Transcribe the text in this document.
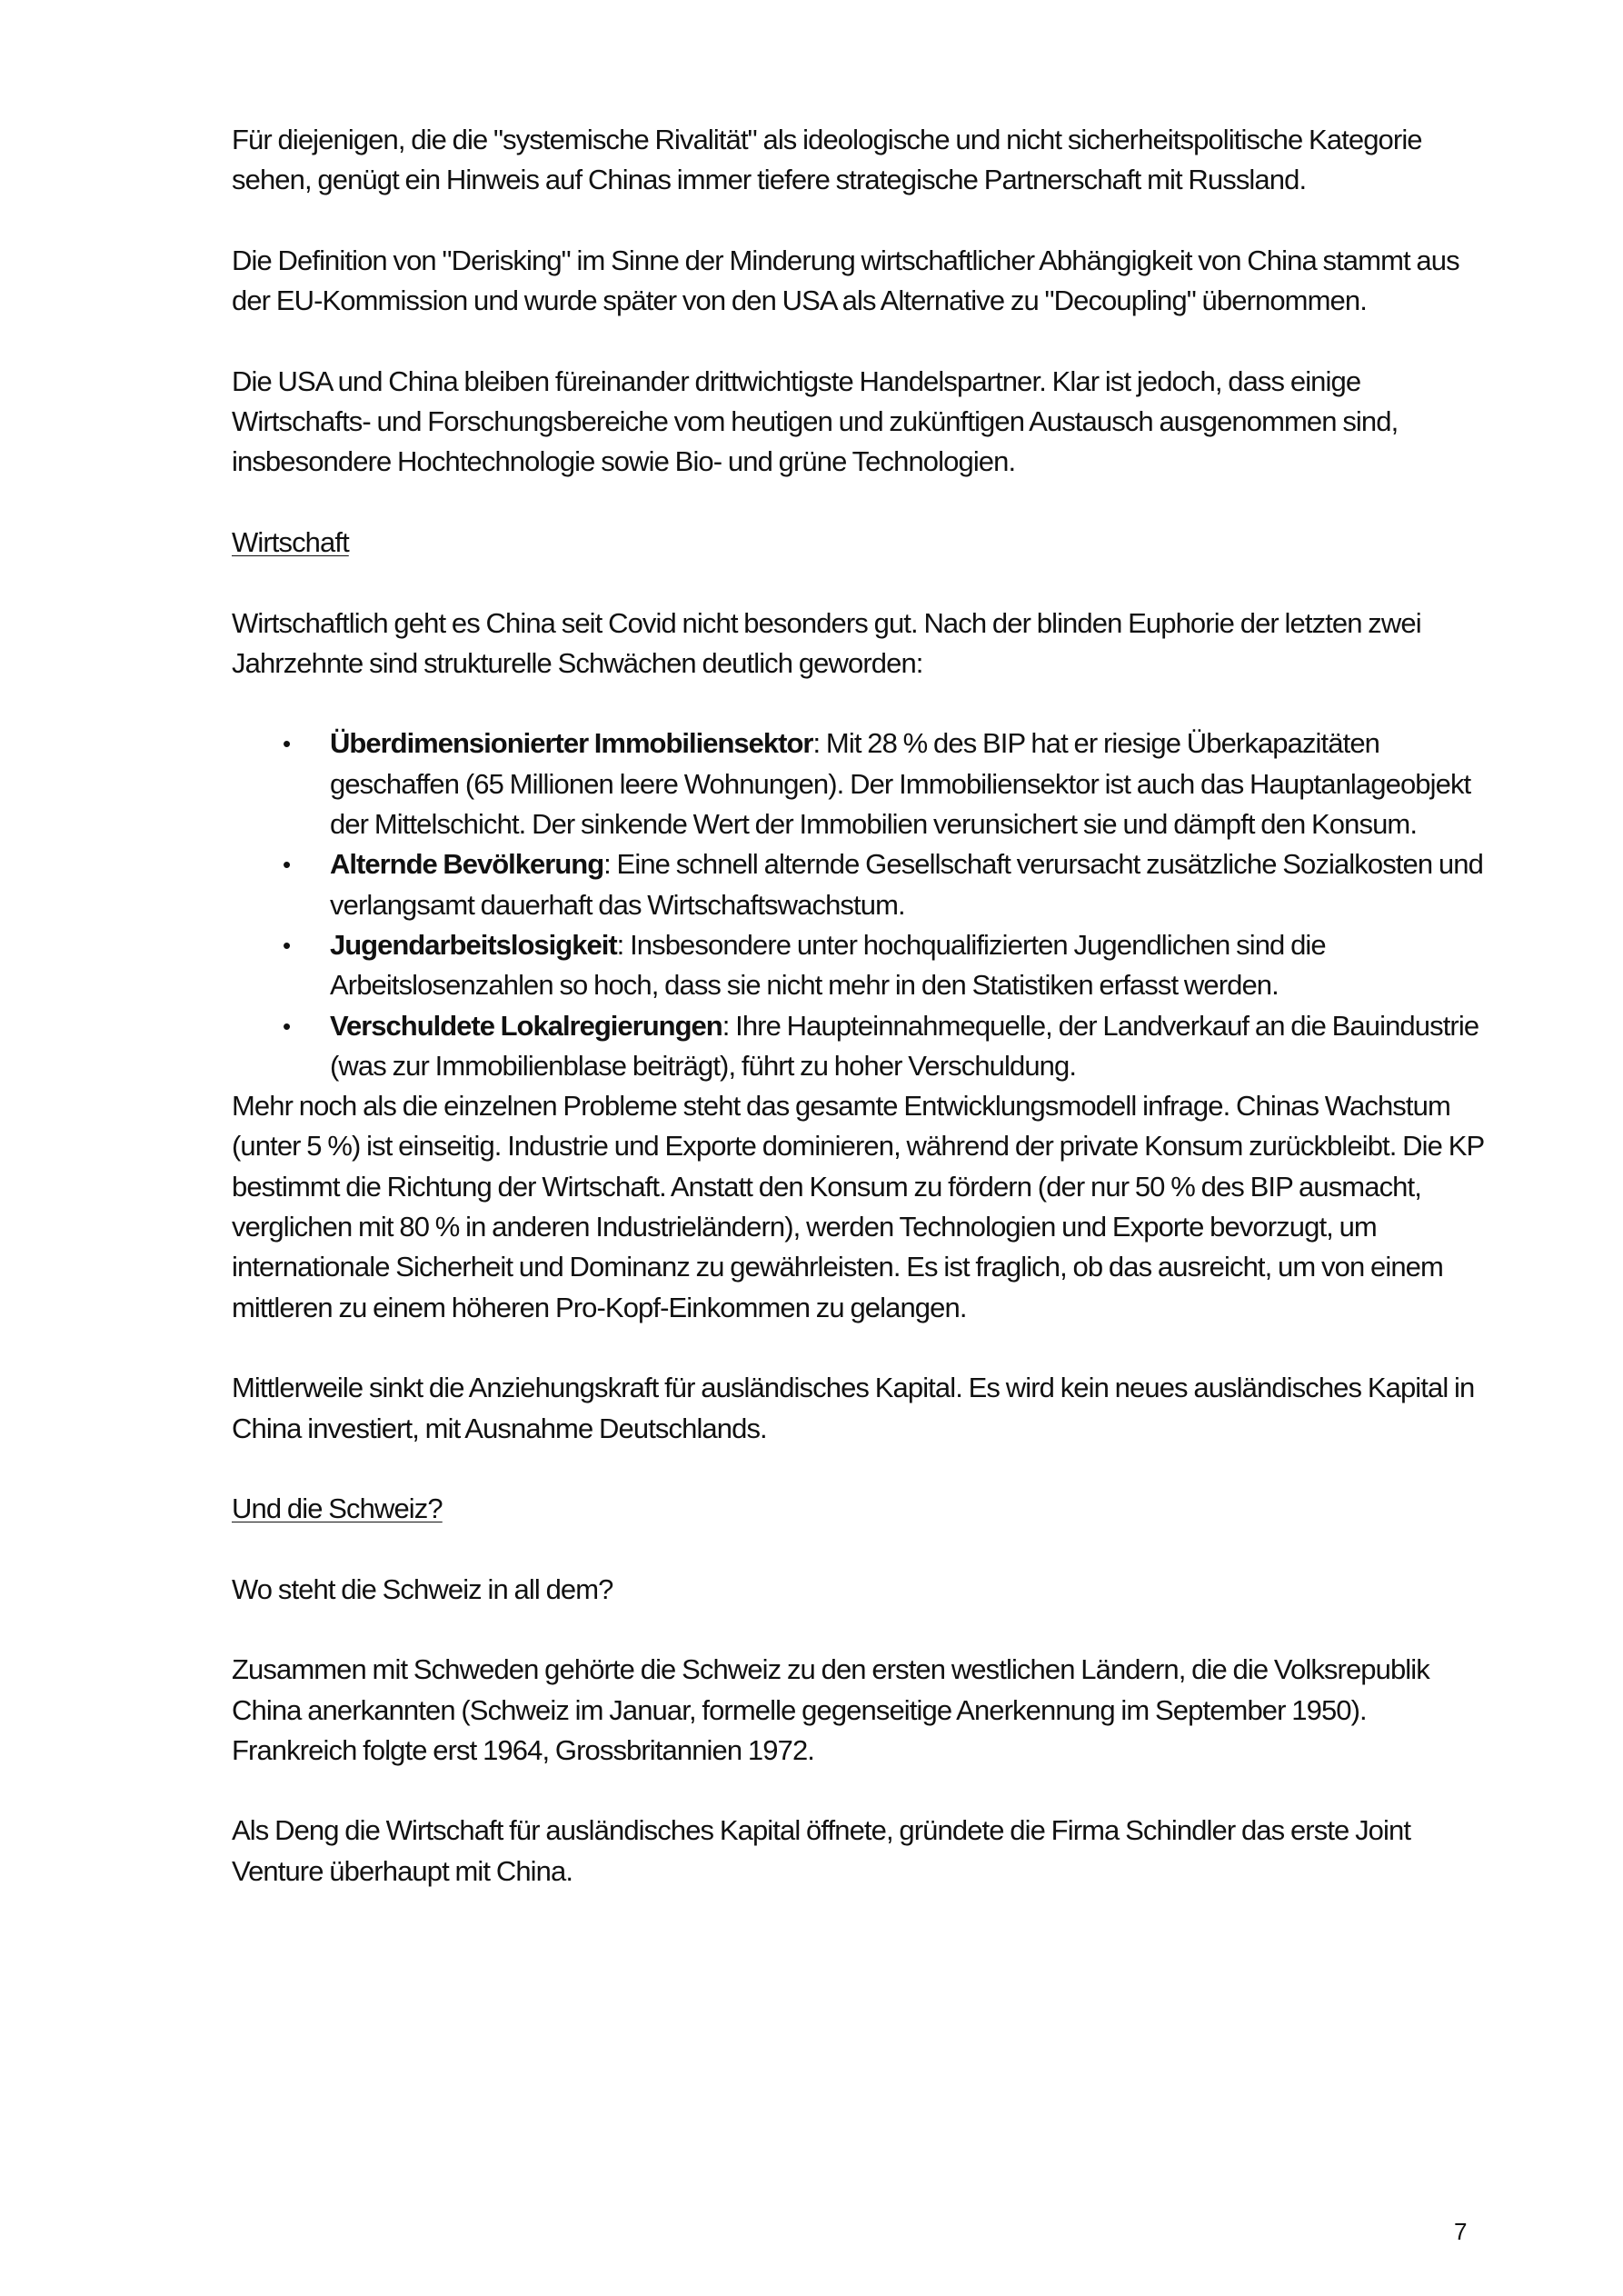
Für diejenigen, die die "systemische Rivalität" als ideologische und nicht sicherheitspolitische Kategorie sehen, genügt ein Hinweis auf Chinas immer tiefere strategische Partnerschaft mit Russland.

Die Definition von "Derisking" im Sinne der Minderung wirtschaftlicher Abhängigkeit von China stammt aus der EU-Kommission und wurde später von den USA als Alternative zu "Decoupling" übernommen.

Die USA und China bleiben füreinander drittwichtigste Handelspartner. Klar ist jedoch, dass einige Wirtschafts- und Forschungsbereiche vom heutigen und zukünftigen Austausch ausgenommen sind, insbesondere Hochtechnologie sowie Bio- und grüne Technologien.

Wirtschaft

Wirtschaftlich geht es China seit Covid nicht besonders gut. Nach der blinden Euphorie der letzten zwei Jahrzehnte sind strukturelle Schwächen deutlich geworden:

• Überdimensionierter Immobiliensektor: Mit 28 % des BIP hat er riesige Überkapazitäten geschaffen (65 Millionen leere Wohnungen). Der Immobiliensektor ist auch das Hauptanlageobjekt der Mittelschicht. Der sinkende Wert der Immobilien verunsichert sie und dämpft den Konsum.
• Alternde Bevölkerung: Eine schnell alternde Gesellschaft verursacht zusätzliche Sozialkosten und verlangsamt dauerhaft das Wirtschaftswachstum.
• Jugendarbeitslosigkeit: Insbesondere unter hochqualifizierten Jugendlichen sind die Arbeitslosenzahlen so hoch, dass sie nicht mehr in den Statistiken erfasst werden.
• Verschuldete Lokalregierungen: Ihre Haupteinnahmequelle, der Landverkauf an die Bauindustrie (was zur Immobilienblase beiträgt), führt zu hoher Verschuldung.

Mehr noch als die einzelnen Probleme steht das gesamte Entwicklungsmodell infrage. Chinas Wachstum (unter 5 %) ist einseitig. Industrie und Exporte dominieren, während der private Konsum zurückbleibt. Die KP bestimmt die Richtung der Wirtschaft. Anstatt den Konsum zu fördern (der nur 50 % des BIP ausmacht, verglichen mit 80 % in anderen Industrieländern), werden Technologien und Exporte bevorzugt, um internationale Sicherheit und Dominanz zu gewährleisten. Es ist fraglich, ob das ausreicht, um von einem mittleren zu einem höheren Pro-Kopf-Einkommen zu gelangen.

Mittlerweile sinkt die Anziehungskraft für ausländisches Kapital. Es wird kein neues ausländisches Kapital in China investiert, mit Ausnahme Deutschlands.

Und die Schweiz?

Wo steht die Schweiz in all dem?

Zusammen mit Schweden gehörte die Schweiz zu den ersten westlichen Ländern, die die Volksrepublik China anerkannten (Schweiz im Januar, formelle gegenseitige Anerkennung im September 1950). Frankreich folgte erst 1964, Grossbritannien 1972.

Als Deng die Wirtschaft für ausländisches Kapital öffnete, gründete die Firma Schindler das erste Joint Venture überhaupt mit China.

7
